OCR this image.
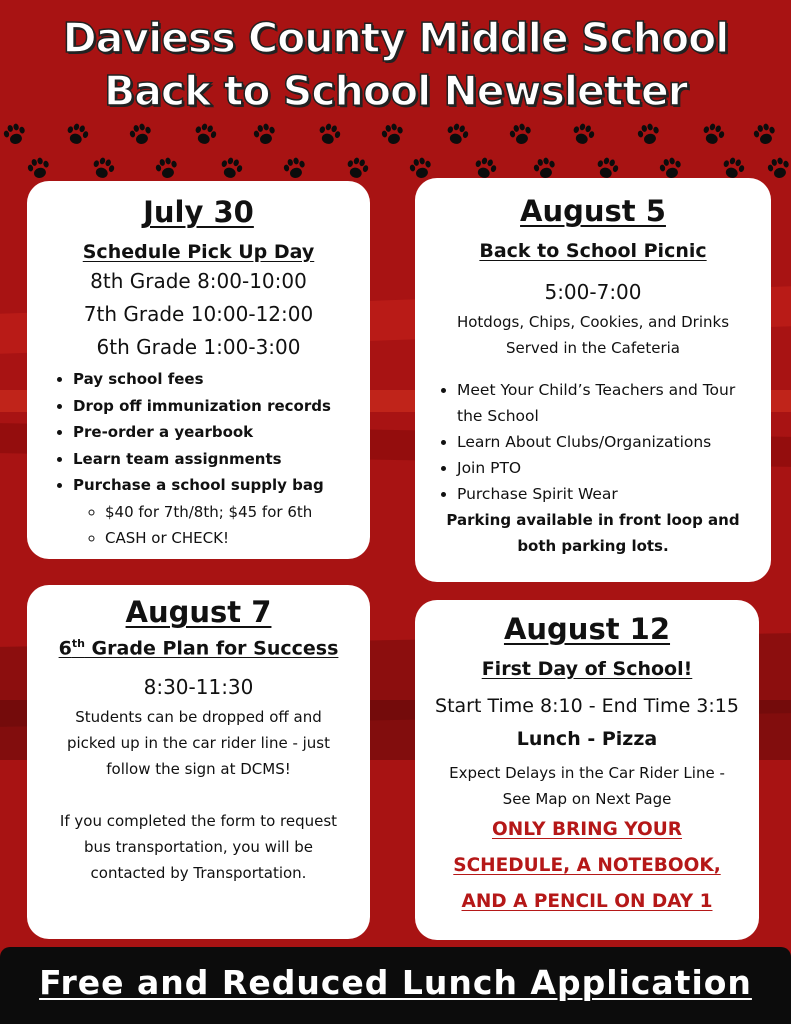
Daviess County Middle School
Back to School Newsletter
July 30
Schedule Pick Up Day
8th Grade 8:00-10:00
7th Grade 10:00-12:00
6th Grade 1:00-3:00
• Pay school fees
• Drop off immunization records
• Pre-order a yearbook
• Learn team assignments
• Purchase a school supply bag
◦ $40 for 7th/8th; $45 for 6th
◦ CASH or CHECK!
August 5
Back to School Picnic
5:00-7:00
Hotdogs, Chips, Cookies, and Drinks
Served in the Cafeteria
• Meet Your Child’s Teachers and Tour the School
• Learn About Clubs/Organizations
• Join PTO
• Purchase Spirit Wear
Parking available in front loop and
both parking lots.
August 7
6th Grade Plan for Success
8:30-11:30
Students can be dropped off and
picked up in the car rider line - just
follow the sign at DCMS!
If you completed the form to request
bus transportation, you will be
contacted by Transportation.
August 12
First Day of School!
Start Time 8:10 - End Time 3:15
Lunch - Pizza
Expect Delays in the Car Rider Line -
See Map on Next Page
ONLY BRING YOUR
SCHEDULE, A NOTEBOOK,
AND A PENCIL ON DAY 1
Free and Reduced Lunch Application
